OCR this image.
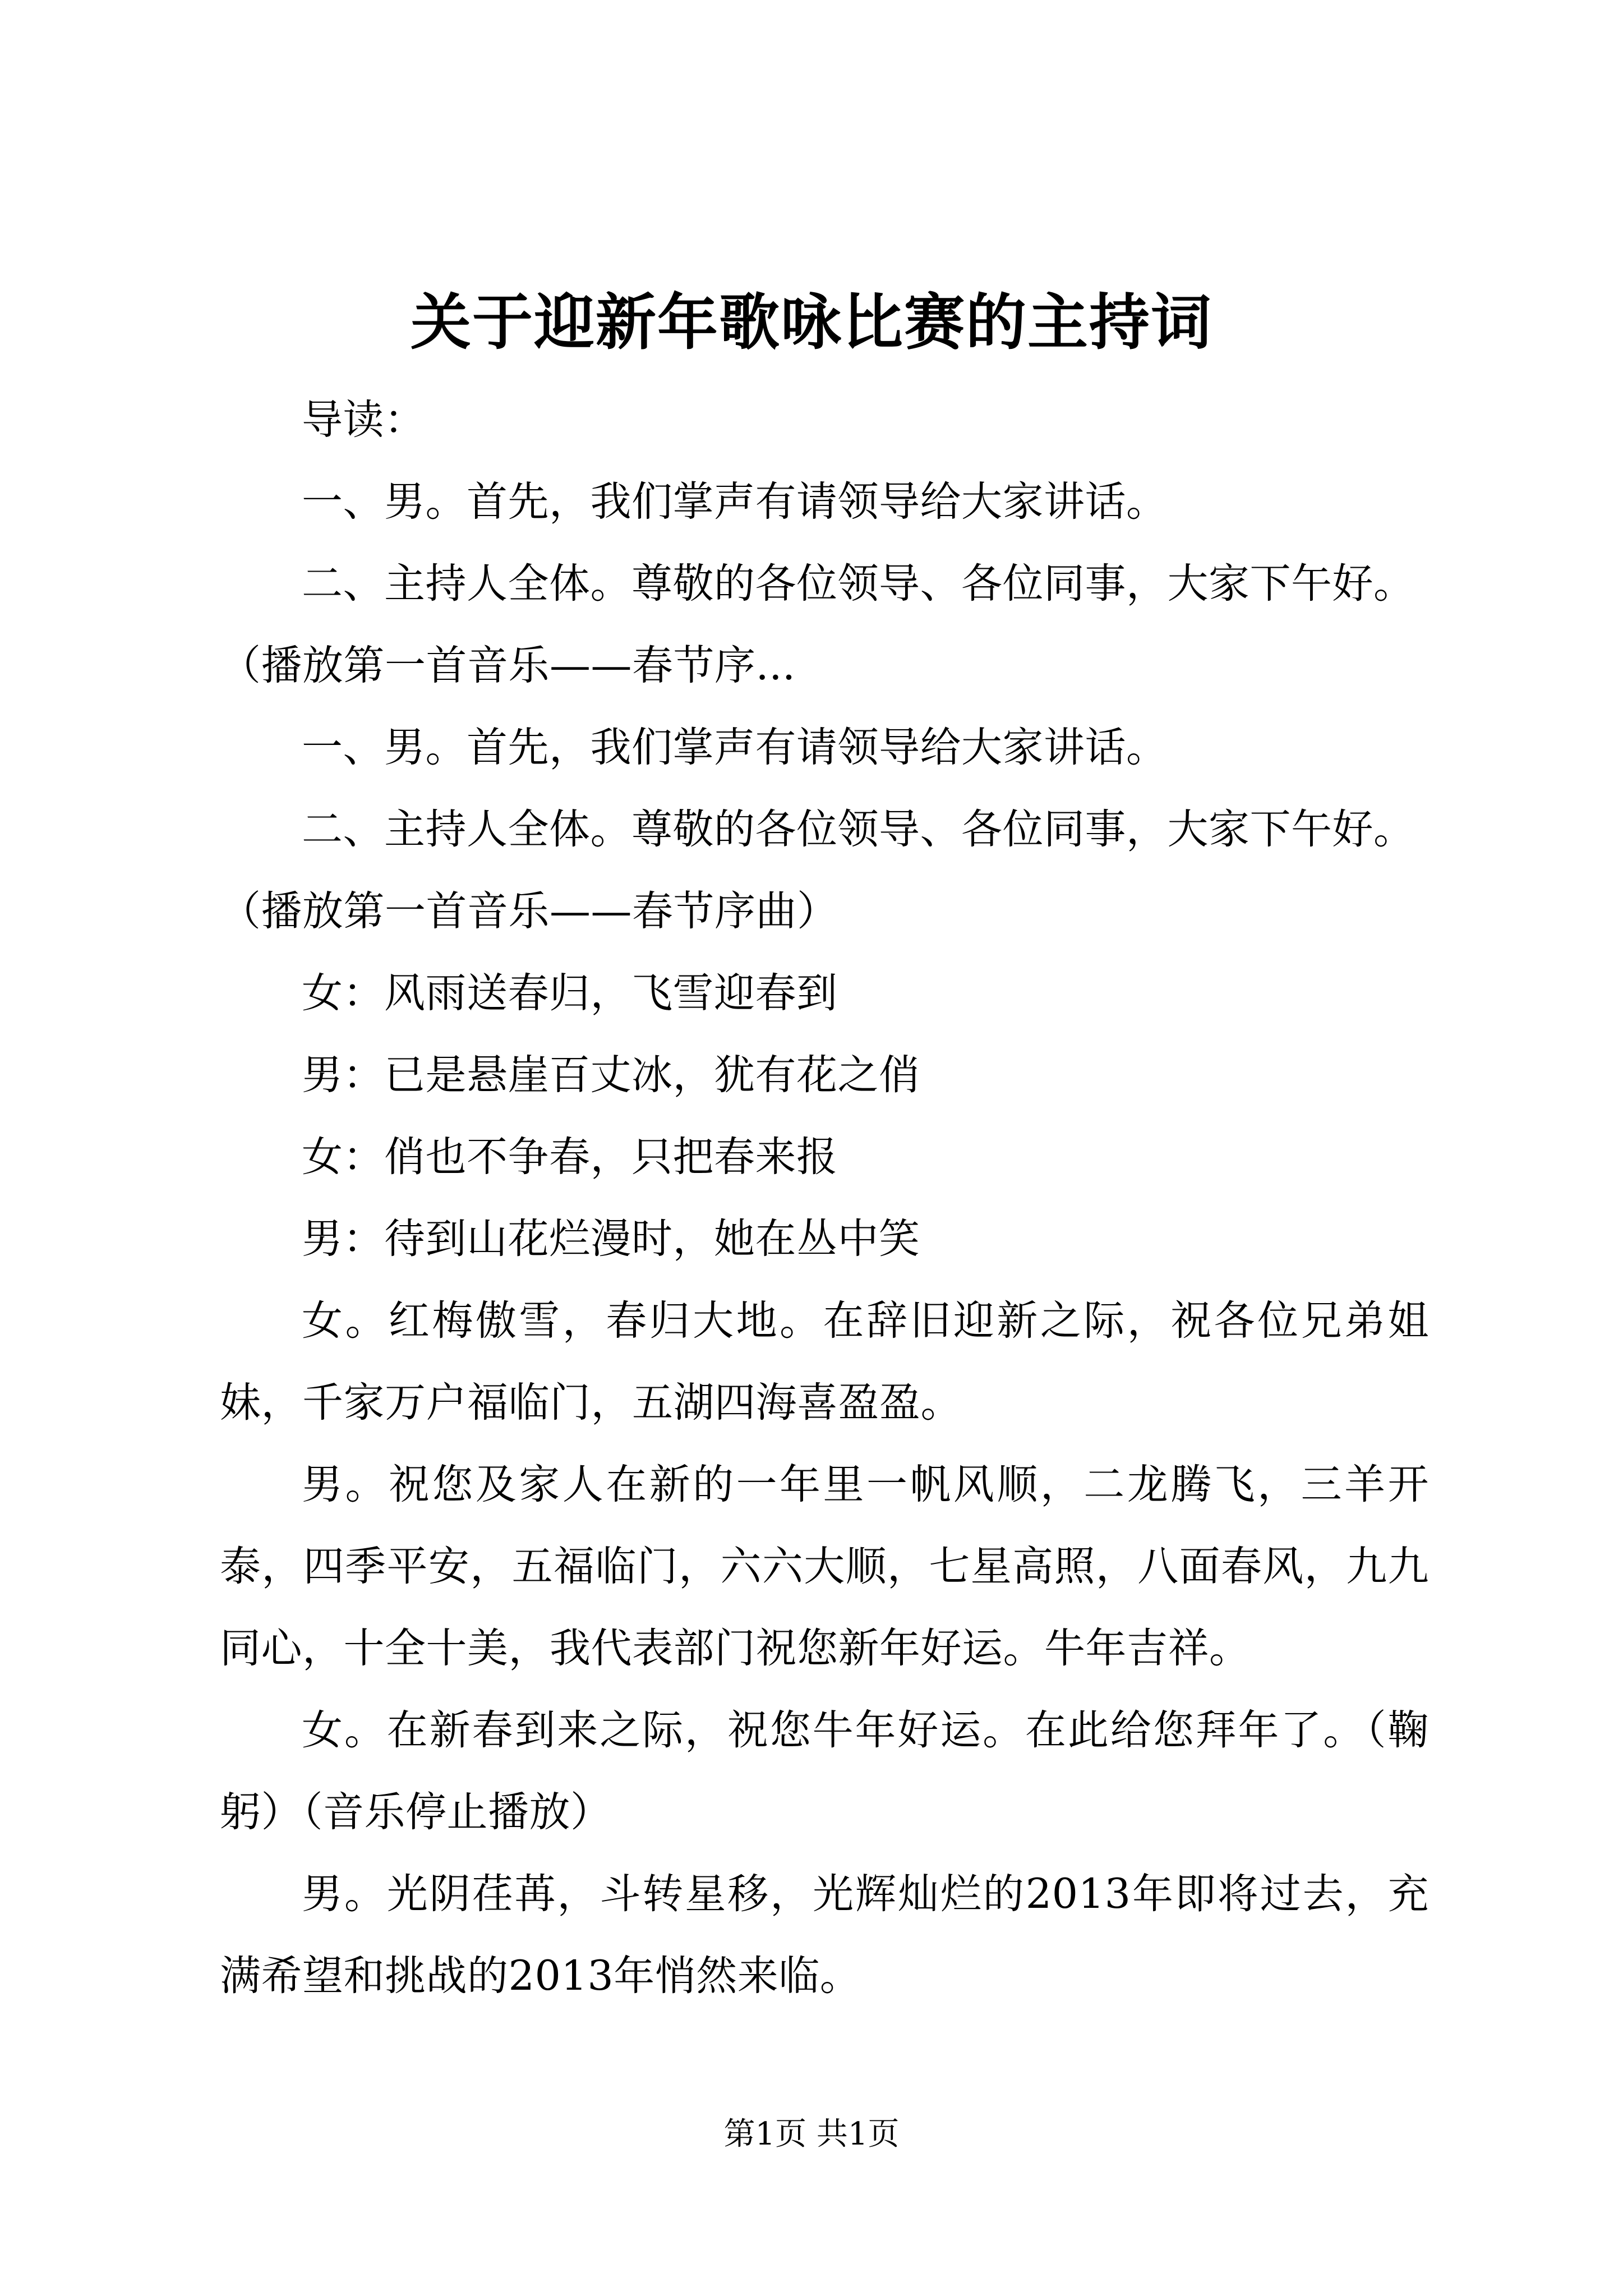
关于迎新年歌咏比赛的主持词

导读：

一、男。首先，我们掌声有请领导给大家讲话。

二、主持人全体。尊敬的各位领导、各位同事，大家下午好。

（播放第一首音乐——春节序...

一、男。首先，我们掌声有请领导给大家讲话。

二、主持人全体。尊敬的各位领导、各位同事，大家下午好。

（播放第一首音乐——春节序曲）

女：风雨送春归，飞雪迎春到

男：已是悬崖百丈冰，犹有花之俏

女：俏也不争春，只把春来报

男：待到山花烂漫时，她在丛中笑

女。红梅傲雪，春归大地。在辞旧迎新之际，祝各位兄弟姐妹，千家万户福临门，五湖四海喜盈盈。

男。祝您及家人在新的一年里一帆风顺，二龙腾飞，三羊开泰，四季平安，五福临门，六六大顺，七星高照，八面春风，九九同心，十全十美，我代表部门祝您新年好运。牛年吉祥。

女。在新春到来之际，祝您牛年好运。在此给您拜年了。（鞠躬）（音乐停止播放）

男。光阴荏苒，斗转星移，光辉灿烂的2013年即将过去，充满希望和挑战的2013年悄然来临。

第1页 共1页
